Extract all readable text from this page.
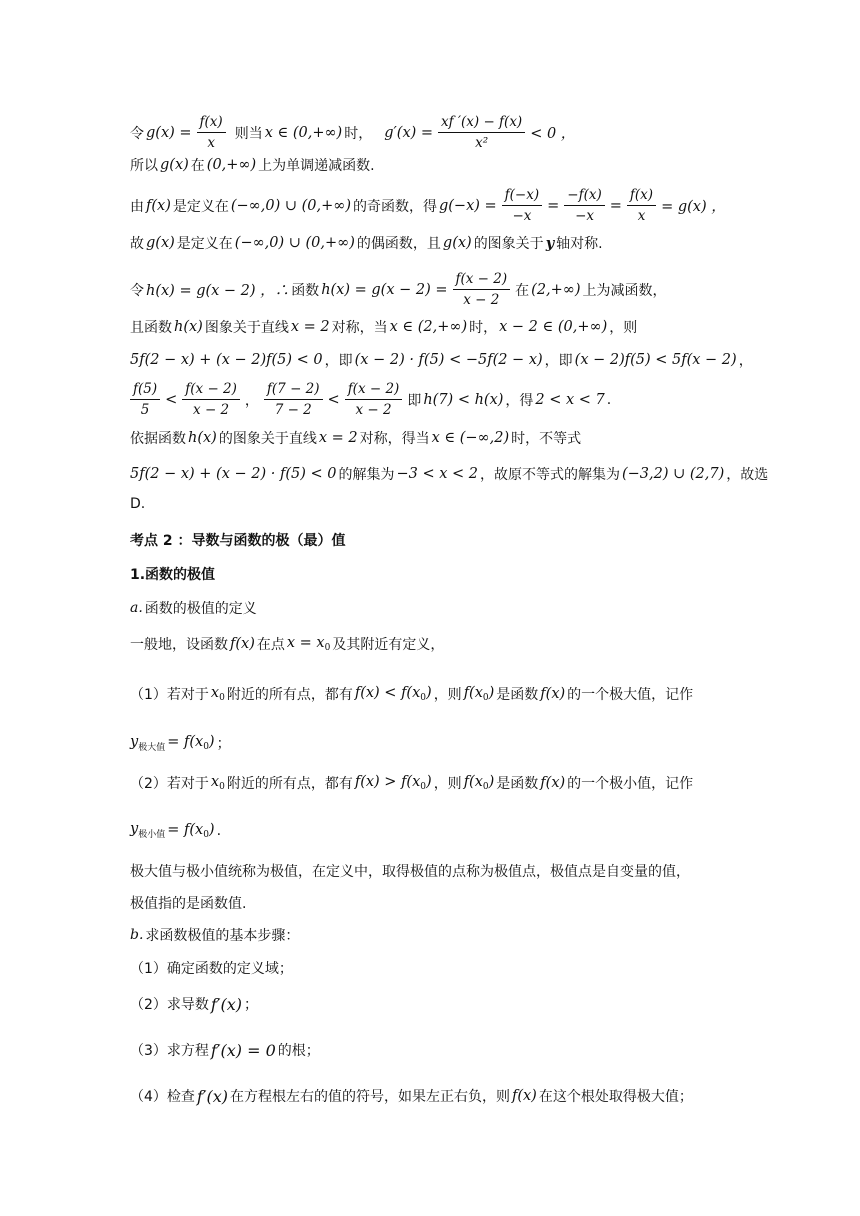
令 $g(x) = \frac{f(x)}{x}$ 则当 x ∈ (0,+∞) 时， $g'(x) = \frac{xf '(x) - f(x)}{\text{x²}} < 0$ ，
所以 g(x) 在 (0,+∞) 上为单调递减函数.
由 f(x) 是定义在 (−∞,0) ∪ (0,+∞) 的奇函数，得 $g(-x) = \frac{f(-x)}{-x} = \frac{-f(x)}{-x} = \frac{f(x)}{x} = g(x)$ ，
故 g(x) 是定义在 (−∞,0) ∪ (0,+∞) 的偶函数，且 g(x) 的图象关于 y 轴对称.
令 h(x) = g(x − 2) ，∴ 函数 $h(x) = g(x - 2) = \frac{f(x - 2)}{x - 2}$ 在 (2,+∞) 上为减函数，
且函数 h(x) 图象关于直线 x = 2 对称，当 x ∈ (2,+∞) 时， x − 2 ∈ (0,+∞) ，则
5f(2 − x) + (x − 2)f(5) < 0 ，即 (x − 2) · f(5) < −5f(2 − x) ，即 (x − 2)f(5) < 5f(x − 2) ，
$\frac{f(5)}{5} < \frac{f(x - 2)}{x - 2}$ ， $\frac{f(7 - 2)}{7 - 2} < \frac{f(x - 2)}{x - 2}$ 即 h(7) < h(x) ，得 2 < x < 7 .
依据函数 h(x) 的图象关于直线 x = 2 对称，得当 x ∈ (−∞,2) 时，不等式
5f(2 − x) + (x − 2) · f(5) < 0 的解集为 −3 < x < 2 ，故原不等式的解集为 (−3,2) ∪ (2,7) ，故选
D.
考点 2 ：导数与函数的极（最）值
1.函数的极值
a. 函数的极值的定义
一般地，设函数 f(x) 在点 $x = x_0$ 及其附近有定义，
（1）若对于 $x_0$ 附近的所有点，都有 $f(x) < f(x_0)$ ，则 $f(x_0)$ 是函数 f(x) 的一个极大值，记作
$y_{极大值} = f(x_0)$ ；
（2）若对于 $x_0$ 附近的所有点，都有 $f(x) > f(x_0)$ ，则 $f(x_0)$ 是函数 f(x) 的一个极小值，记作
$y_{极小值} = f(x_0)$ .
极大值与极小值统称为极值，在定义中，取得极值的点称为极值点，极值点是自变量的值，
极值指的是函数值.
b. 求函数极值的基本步骤：
（1）确定函数的定义域；
（2）求导数 f′(x) ；
（3）求方程 f′(x) = 0 的根；
（4）检查 f′(x) 在方程根左右的值的符号，如果左正右负，则 f(x) 在这个根处取得极大值；
